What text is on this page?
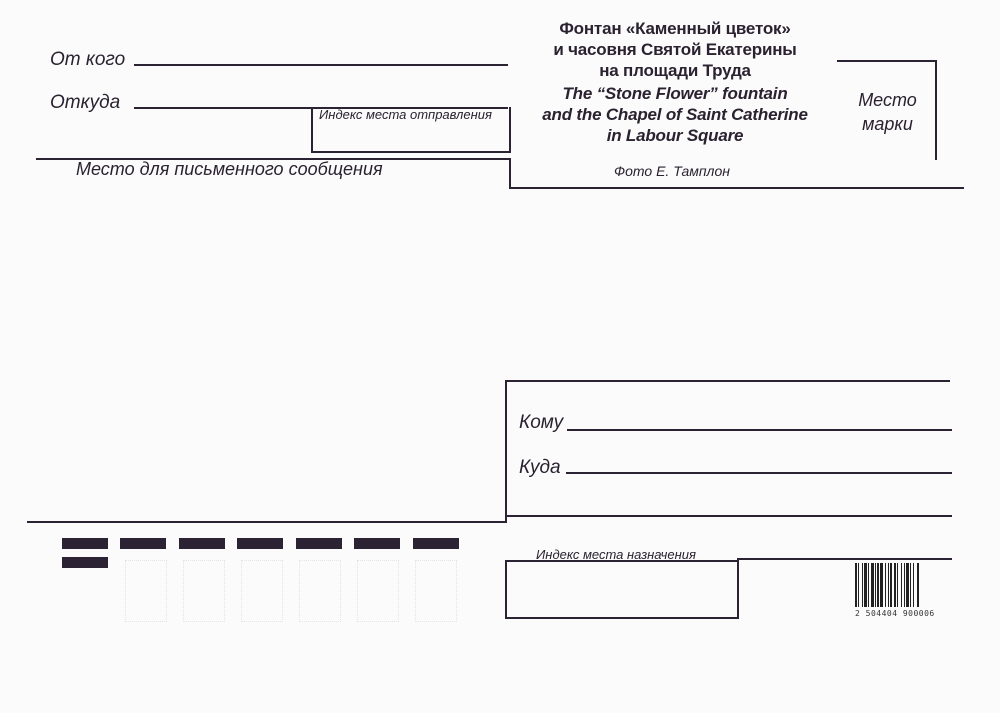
От кого
Откуда
Индекс места отправления
Место для письменного сообщения
Фонтан «Каменный цветок»
и часовня Святой Екатерины
на площади Труда
The “Stone Flower” fountain
and the Chapel of Saint Catherine
in Labour Square
Фото Е. Тамплон
Место
марки
Кому
Куда
Индекс места назначения
2 504404 900006
